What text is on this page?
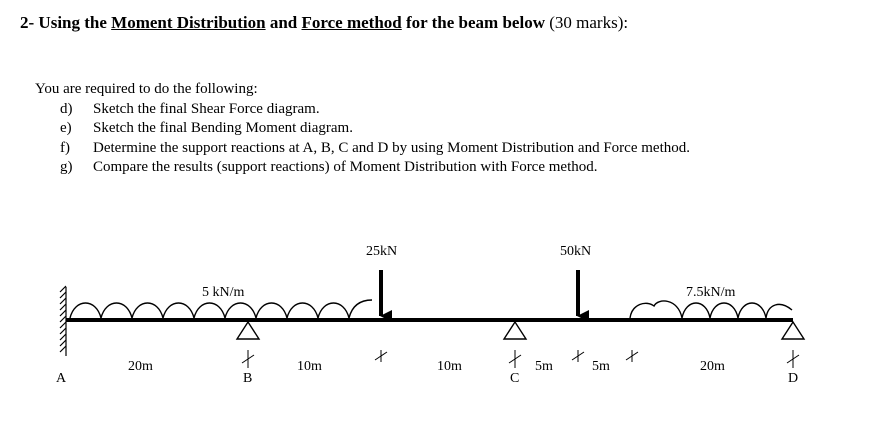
2- Using the Moment Distribution and Force method for the beam below (30 marks):
You are required to do the following:
d) Sketch the final Shear Force diagram.
e) Sketch the final Bending Moment diagram.
f) Determine the support reactions at A, B, C and D by using Moment Distribution and Force method.
g) Compare the results (support reactions) of Moment Distribution with Force method.
5 kN/m
25kN	50kN
7.5kN/m
20m	10m	10m	5m	5m	20m
A	B	C	D
